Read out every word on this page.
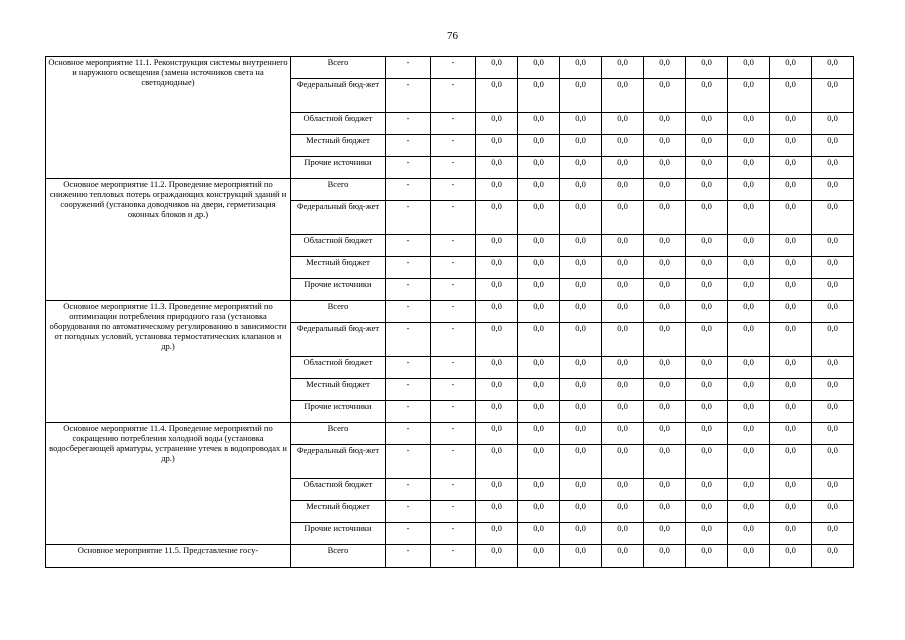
76
Основное мероприятие 11.1. Реконструкция системы внутреннего и наружного освещения (замена источников света на светодиодные)	Всего	-	-	0,0	0,0	0,0	0,0	0,0	0,0	0,0	0,0	0,0
	Федеральный бюд-жет	-	-	0,0	0,0	0,0	0,0	0,0	0,0	0,0	0,0	0,0
	Областной бюджет	-	-	0,0	0,0	0,0	0,0	0,0	0,0	0,0	0,0	0,0
	Местный бюджет	-	-	0,0	0,0	0,0	0,0	0,0	0,0	0,0	0,0	0,0
	Прочие источники	-	-	0,0	0,0	0,0	0,0	0,0	0,0	0,0	0,0	0,0
Основное мероприятие 11.2. Проведение мероприятий по снижению тепловых потерь ограждающих конструкций зданий и сооружений (установка доводчиков на двери, герметизация оконных блоков и др.)	Всего	-	-	0,0	0,0	0,0	0,0	0,0	0,0	0,0	0,0	0,0
	Федеральный бюд-жет	-	-	0,0	0,0	0,0	0,0	0,0	0,0	0,0	0,0	0,0
	Областной бюджет	-	-	0,0	0,0	0,0	0,0	0,0	0,0	0,0	0,0	0,0
	Местный бюджет	-	-	0,0	0,0	0,0	0,0	0,0	0,0	0,0	0,0	0,0
	Прочие источники	-	-	0,0	0,0	0,0	0,0	0,0	0,0	0,0	0,0	0,0
Основное мероприятие 11.3. Проведение мероприятий по оптимизации потребления природного газа (установка оборудования по автоматическому регулированию в зависимости от погодных условий, установка термостатических клапанов и др.)	Всего	-	-	0,0	0,0	0,0	0,0	0,0	0,0	0,0	0,0	0,0
	Федеральный бюд-жет	-	-	0,0	0,0	0,0	0,0	0,0	0,0	0,0	0,0	0,0
	Областной бюджет	-	-	0,0	0,0	0,0	0,0	0,0	0,0	0,0	0,0	0,0
	Местный бюджет	-	-	0,0	0,0	0,0	0,0	0,0	0,0	0,0	0,0	0,0
	Прочие источники	-	-	0,0	0,0	0,0	0,0	0,0	0,0	0,0	0,0	0,0
Основное мероприятие 11.4. Проведение мероприятий по сокращению потребления холодной воды (установка водосберегающей арматуры, устранение утечек в водопроводах и др.)	Всего	-	-	0,0	0,0	0,0	0,0	0,0	0,0	0,0	0,0	0,0
	Федеральный бюд-жет	-	-	0,0	0,0	0,0	0,0	0,0	0,0	0,0	0,0	0,0
	Областной бюджет	-	-	0,0	0,0	0,0	0,0	0,0	0,0	0,0	0,0	0,0
	Местный бюджет	-	-	0,0	0,0	0,0	0,0	0,0	0,0	0,0	0,0	0,0
	Прочие источники	-	-	0,0	0,0	0,0	0,0	0,0	0,0	0,0	0,0	0,0
Основное мероприятие 11.5. Представление госу-	Всего	-	-	0,0	0,0	0,0	0,0	0,0	0,0	0,0	0,0	0,0
